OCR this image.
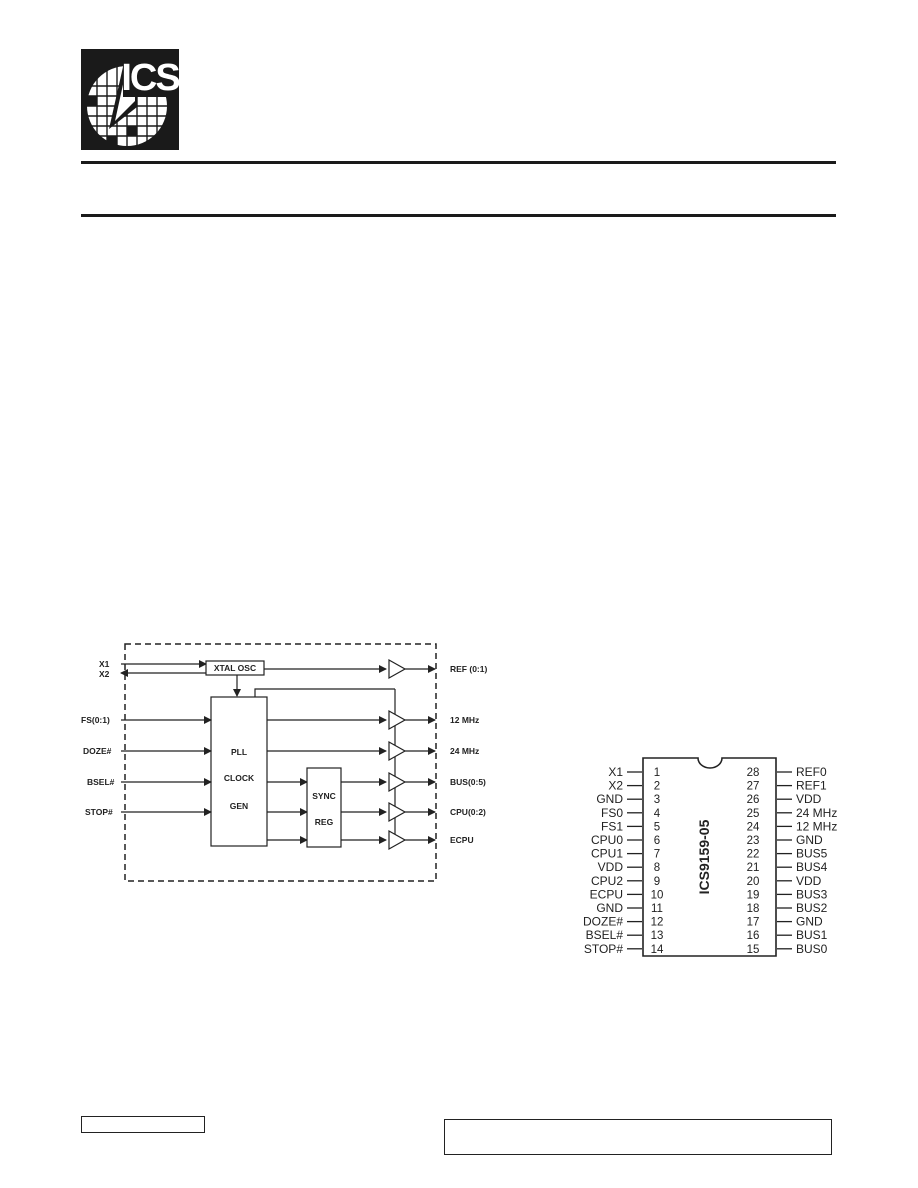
ICS
X1
X2
XTAL OSC
PLL
CLOCK
GEN
FS(0:1)
DOZE#
BSEL#
STOP#
SYNC
REG
REF (0:1)
12 MHz
24 MHz
BUS(0:5)
CPU(0:2)
ECPU	ICS9159-05
X1	1
X2	2
GND	3
FS0	4
FS1	5
CPU0	6
CPU1	7
VDD	8
CPU2	9
ECPU 10
GND 11
DOZE# 12
BSEL# 13
STOP# 14
28	REF0
27	REF1
26	VDD
25	24 MHz
24	12 MHz
23	GND
22	BUS5
21	BUS4
20	VDD
19	BUS3
18	BUS2
17	GND
16	BUS1
15	BUS0
